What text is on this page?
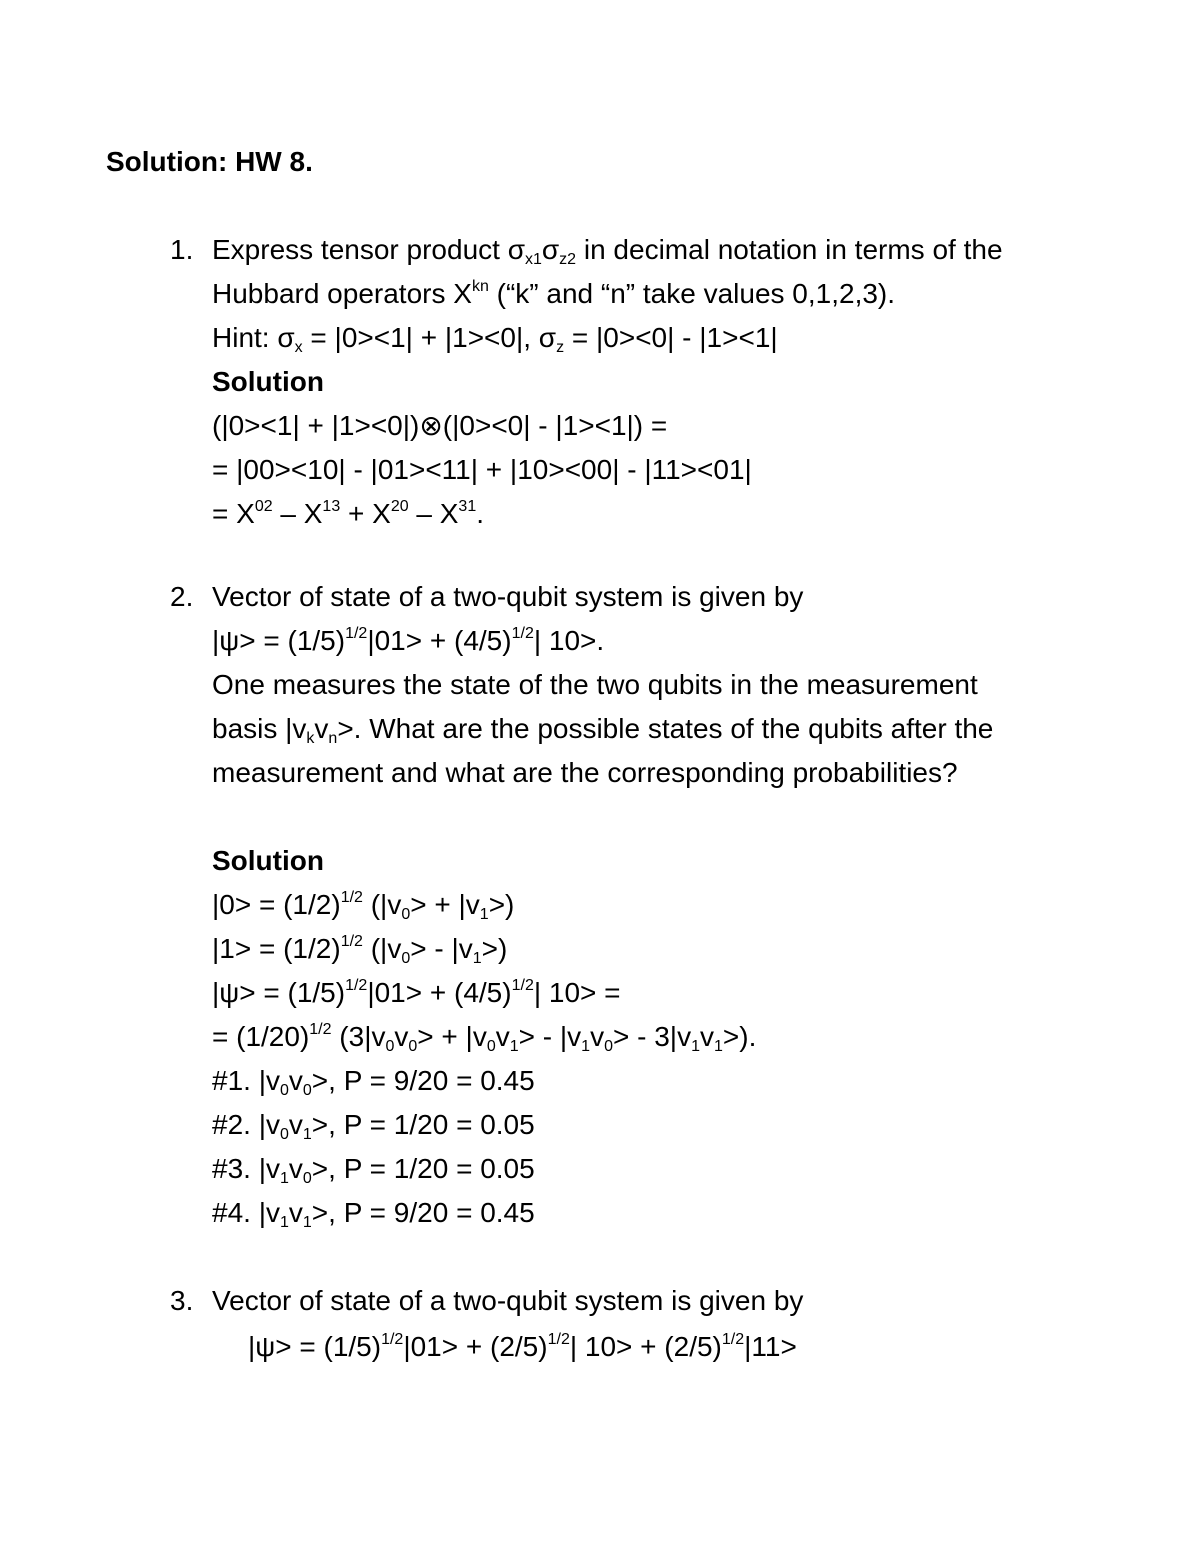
Solution: HW 8.
1. Express tensor product $\sigma_{x1}\sigma_{z2}$ in decimal notation in terms of the
Hubbard operators $X^{kn}$ (“k” and “n” take values 0,1,2,3).
Hint: $\sigma_x = |0><1| + |1><0|$, $\sigma_z = |0><0| - |1><1|$
Solution
(|0><1| + |1><0|)⊗(|0><0| - |1><1|) =
= |00><10| - |01><11| + |10><00| - |11><01|
= $X^{02} - X^{13} + X^{20} - X^{31}$.
2. Vector of state of a two-qubit system is given by
$|\psi> = (1/5)^{1/2}|01> + (4/5)^{1/2}|$ 10>.
One measures the state of the two qubits in the measurement
basis $|v_kv_n>$. What are the possible states of the qubits after the
measurement and what are the corresponding probabilities?
Solution
$|0> = (1/2)^{1/2}$ $(|v_0> + |v_1>)$
$|1> = (1/2)^{1/2}$ $(|v_0> - |v_1>)$
$|\psi> = (1/5)^{1/2}|01> + (4/5)^{1/2}|$ 10> =
= $(1/20)^{1/2}$ $(3|v_0v_0> + |v_0v_1> - |v_1v_0> - 3|v_1v_1>)$.
#1. $|v_0v_0>$, P = 9/20 = 0.45
#2. $|v_0v_1>$, P = 1/20 = 0.05
#3. $|v_1v_0>$, P = 1/20 = 0.05
#4. $|v_1v_1>$, P = 9/20 = 0.45
3. Vector of state of a two-qubit system is given by
$|\psi> = (1/5)^{1/2}|01> + (2/5)^{1/2}|$ $10> + (2/5)^{1/2}|11>$
